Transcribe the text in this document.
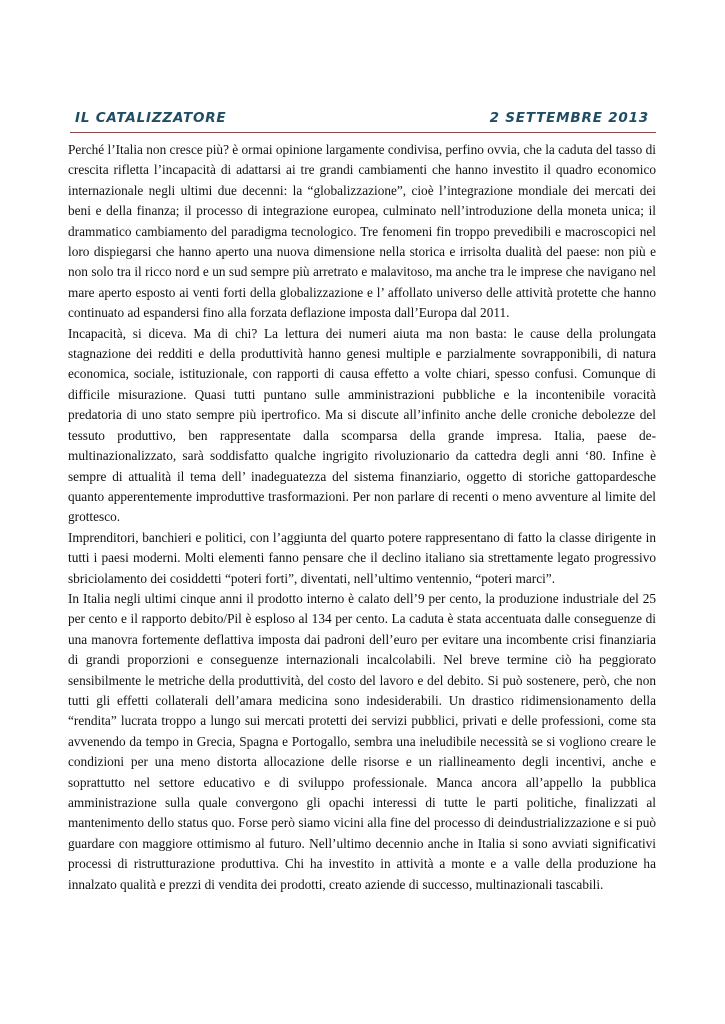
IL CATALIZZATORE	2 SETTEMBRE 2013

Perché l’Italia non cresce più? è ormai opinione largamente condivisa, perfino ovvia, che la caduta del tasso di crescita rifletta l’incapacità di adattarsi ai tre grandi cambiamenti che hanno investito il quadro economico internazionale negli ultimi due decenni: la “globalizzazione”, cioè l’integrazione mondiale dei mercati dei beni e della finanza; il processo di integrazione europea, culminato nell’introduzione della moneta unica; il drammatico cambiamento del paradigma tecnologico. Tre fenomeni fin troppo prevedibili e macroscopici nel loro dispiegarsi che hanno aperto una nuova dimensione nella storica e irrisolta dualità del paese: non più e non solo tra il ricco nord e un sud sempre più arretrato e malavitoso, ma anche tra le imprese che navigano nel mare aperto esposto ai venti forti della globalizzazione e l’ affollato universo delle attività protette che hanno continuato ad espandersi fino alla forzata deflazione imposta dall’Europa dal 2011.

Incapacità, si diceva. Ma di chi? La lettura dei numeri aiuta ma non basta: le cause della prolungata stagnazione dei redditi e della produttività hanno genesi multiple e parzialmente sovrapponibili, di natura economica, sociale, istituzionale, con rapporti di causa effetto a volte chiari, spesso confusi. Comunque di difficile misurazione. Quasi tutti puntano sulle amministrazioni pubbliche e la incontenibile voracità predatoria di uno stato sempre più ipertrofico. Ma si discute all’infinito anche delle croniche debolezze del tessuto produttivo, ben rappresentate dalla scomparsa della grande impresa. Italia, paese de-multinazionalizzato, sarà soddisfatto qualche ingrigito rivoluzionario da cattedra degli anni ‘80. Infine è sempre di attualità il tema dell’ inadeguatezza del sistema finanziario, oggetto di storiche gattopardesche quanto apperentemente improduttive trasformazioni. Per non parlare di recenti o meno avventure al limite del grottesco.

Imprenditori, banchieri e politici, con l’aggiunta del quarto potere rappresentano di fatto la classe dirigente in tutti i paesi moderni. Molti elementi fanno pensare che il declino italiano sia strettamente legato progressivo sbriciolamento dei cosiddetti “poteri forti”, diventati, nell’ultimo ventennio, “poteri marci”.

In Italia negli ultimi cinque anni il prodotto interno è calato dell’9 per cento, la produzione industriale del 25 per cento e il rapporto debito/Pil è esploso al 134 per cento. La caduta è stata accentuata dalle conseguenze di una manovra fortemente deflattiva imposta dai padroni dell’euro per evitare una incombente crisi finanziaria di grandi proporzioni e conseguenze internazionali incalcolabili. Nel breve termine ciò ha peggiorato sensibilmente le metriche della produttività, del costo del lavoro e del debito. Si può sostenere, però, che non tutti gli effetti collaterali dell’amara medicina sono indesiderabili. Un drastico ridimensionamento della “rendita” lucrata troppo a lungo sui mercati protetti dei servizi pubblici, privati e delle professioni, come sta avvenendo da tempo in Grecia, Spagna e Portogallo, sembra una ineludibile necessità se si vogliono creare le condizioni per una meno distorta allocazione delle risorse e un riallineamento degli incentivi, anche e soprattutto nel settore educativo e di sviluppo professionale. Manca ancora all’appello la pubblica amministrazione sulla quale convergono gli opachi interessi di tutte le parti politiche, finalizzati al mantenimento dello status quo. Forse però siamo vicini alla fine del processo di deindustrializzazione e si può guardare con maggiore ottimismo al futuro. Nell’ultimo decennio anche in Italia si sono avviati significativi processi di ristrutturazione produttiva. Chi ha investito in attività a monte e a valle della produzione ha innalzato qualità e prezzi di vendita dei prodotti, creato aziende di successo, multinazionali tascabili.
